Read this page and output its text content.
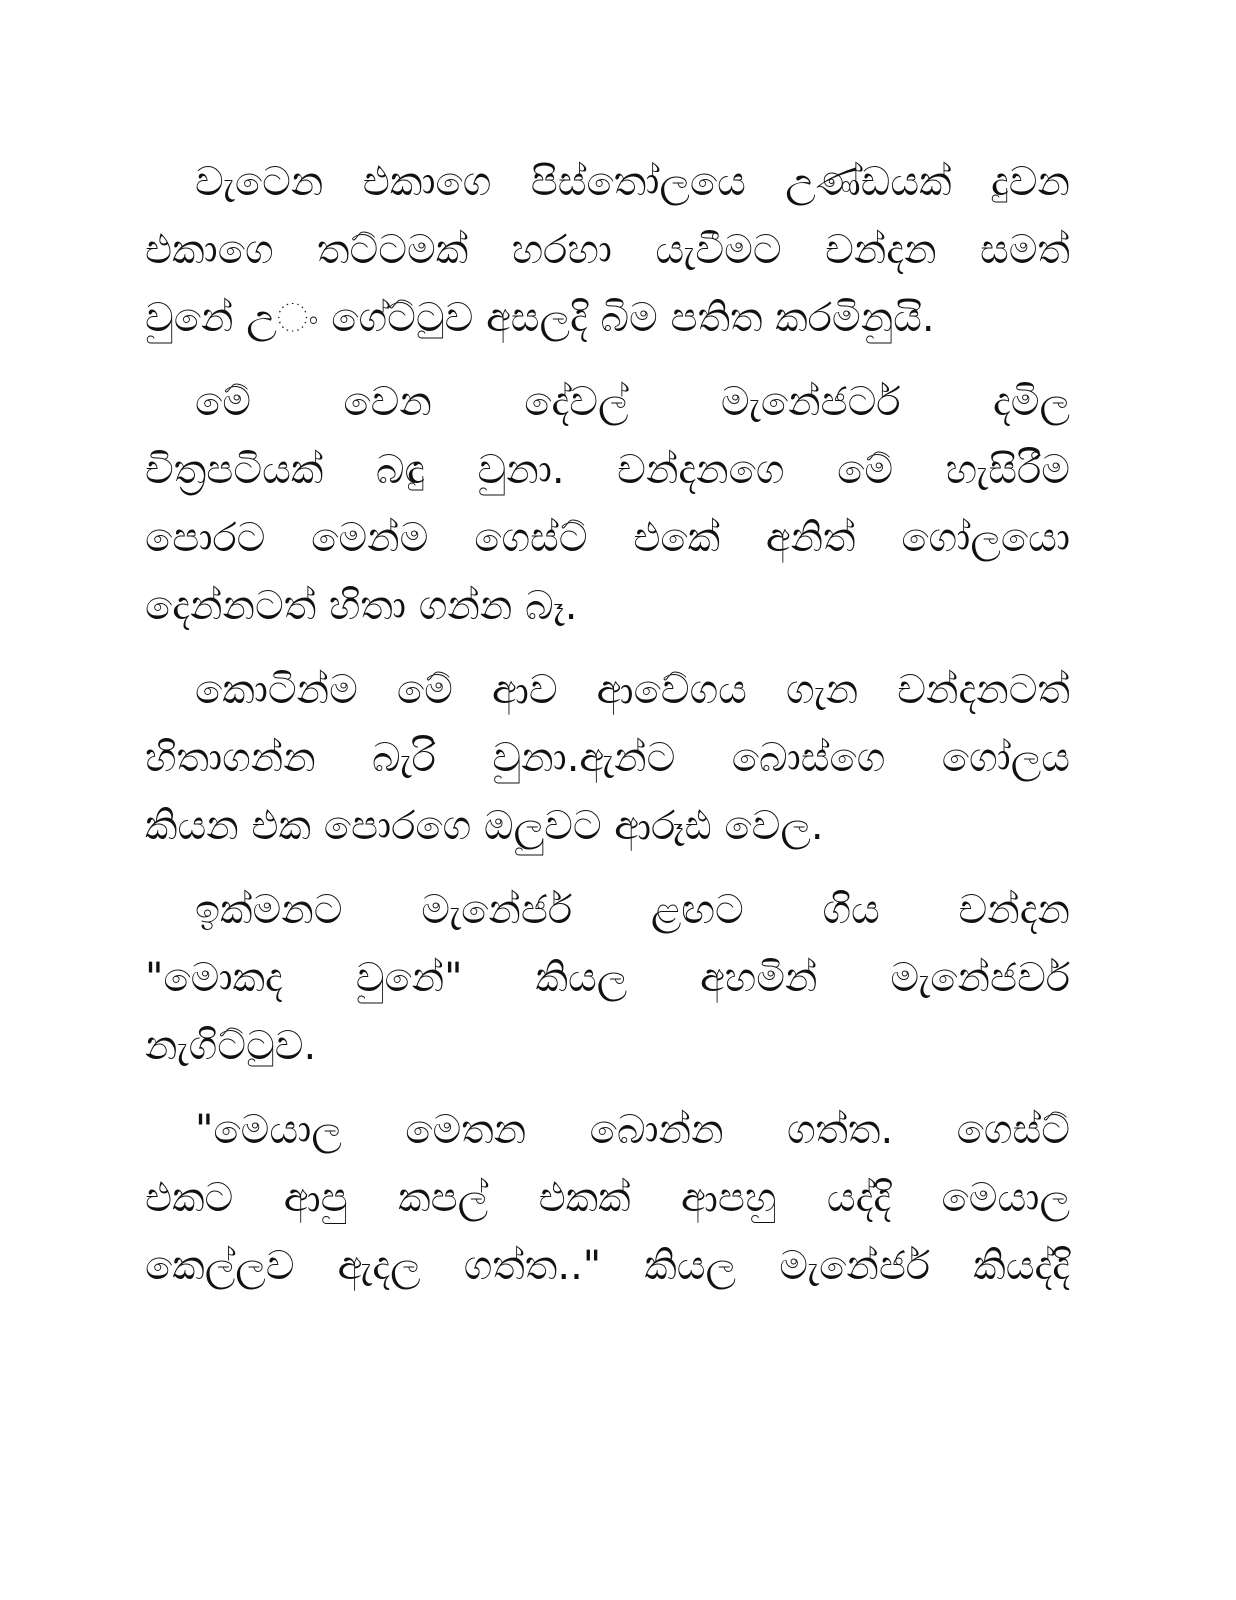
වැටෙන එකාගෙ පිස්තෝලයෙ උණ්ඩයක් දුවන
එකාගෙ තට්ටමක් හරහා යැවීමට චන්දන සමත්
වුනේ උ◌ං ගේට්ටුව අසලදි බිම පතිත කරමිනුයි.
මේ වෙන දේවල් මැනේජර්ට දමිල
චිත්‍රපටියක් බඳු වුනා. චන්දනගෙ මේ හැසිරීම
පොරට මෙන්ම ගෙස්ට් එකේ අනිත් ගෝලයො
දෙන්නටත් හිතා ගන්න බෑ.
කොටින්ම මේ ආව ආවේගය ගැන චන්දනටත්
හිතාගන්න බැරි වුනා.ඇන්ට බොස්ගෙ ගෝලය
කියන එක පොරගෙ ඔලුවට ආරූඪ වෙල.
ඉක්මනට මැනේජර් ළඟට ගිය චන්දන
"මොකද වුනේ" කියල අහමින් මැනේජර්ව
නැගිට්ටුව.
"මෙයාල මෙතන බොන්න ගත්ත. ගෙස්ට්
එකට ආපු කපල් එකක් ආපහු යද්දි මෙයාල
කෙල්ලව ඇදල ගත්ත.." කියල මැනේජර් කියද්දි
